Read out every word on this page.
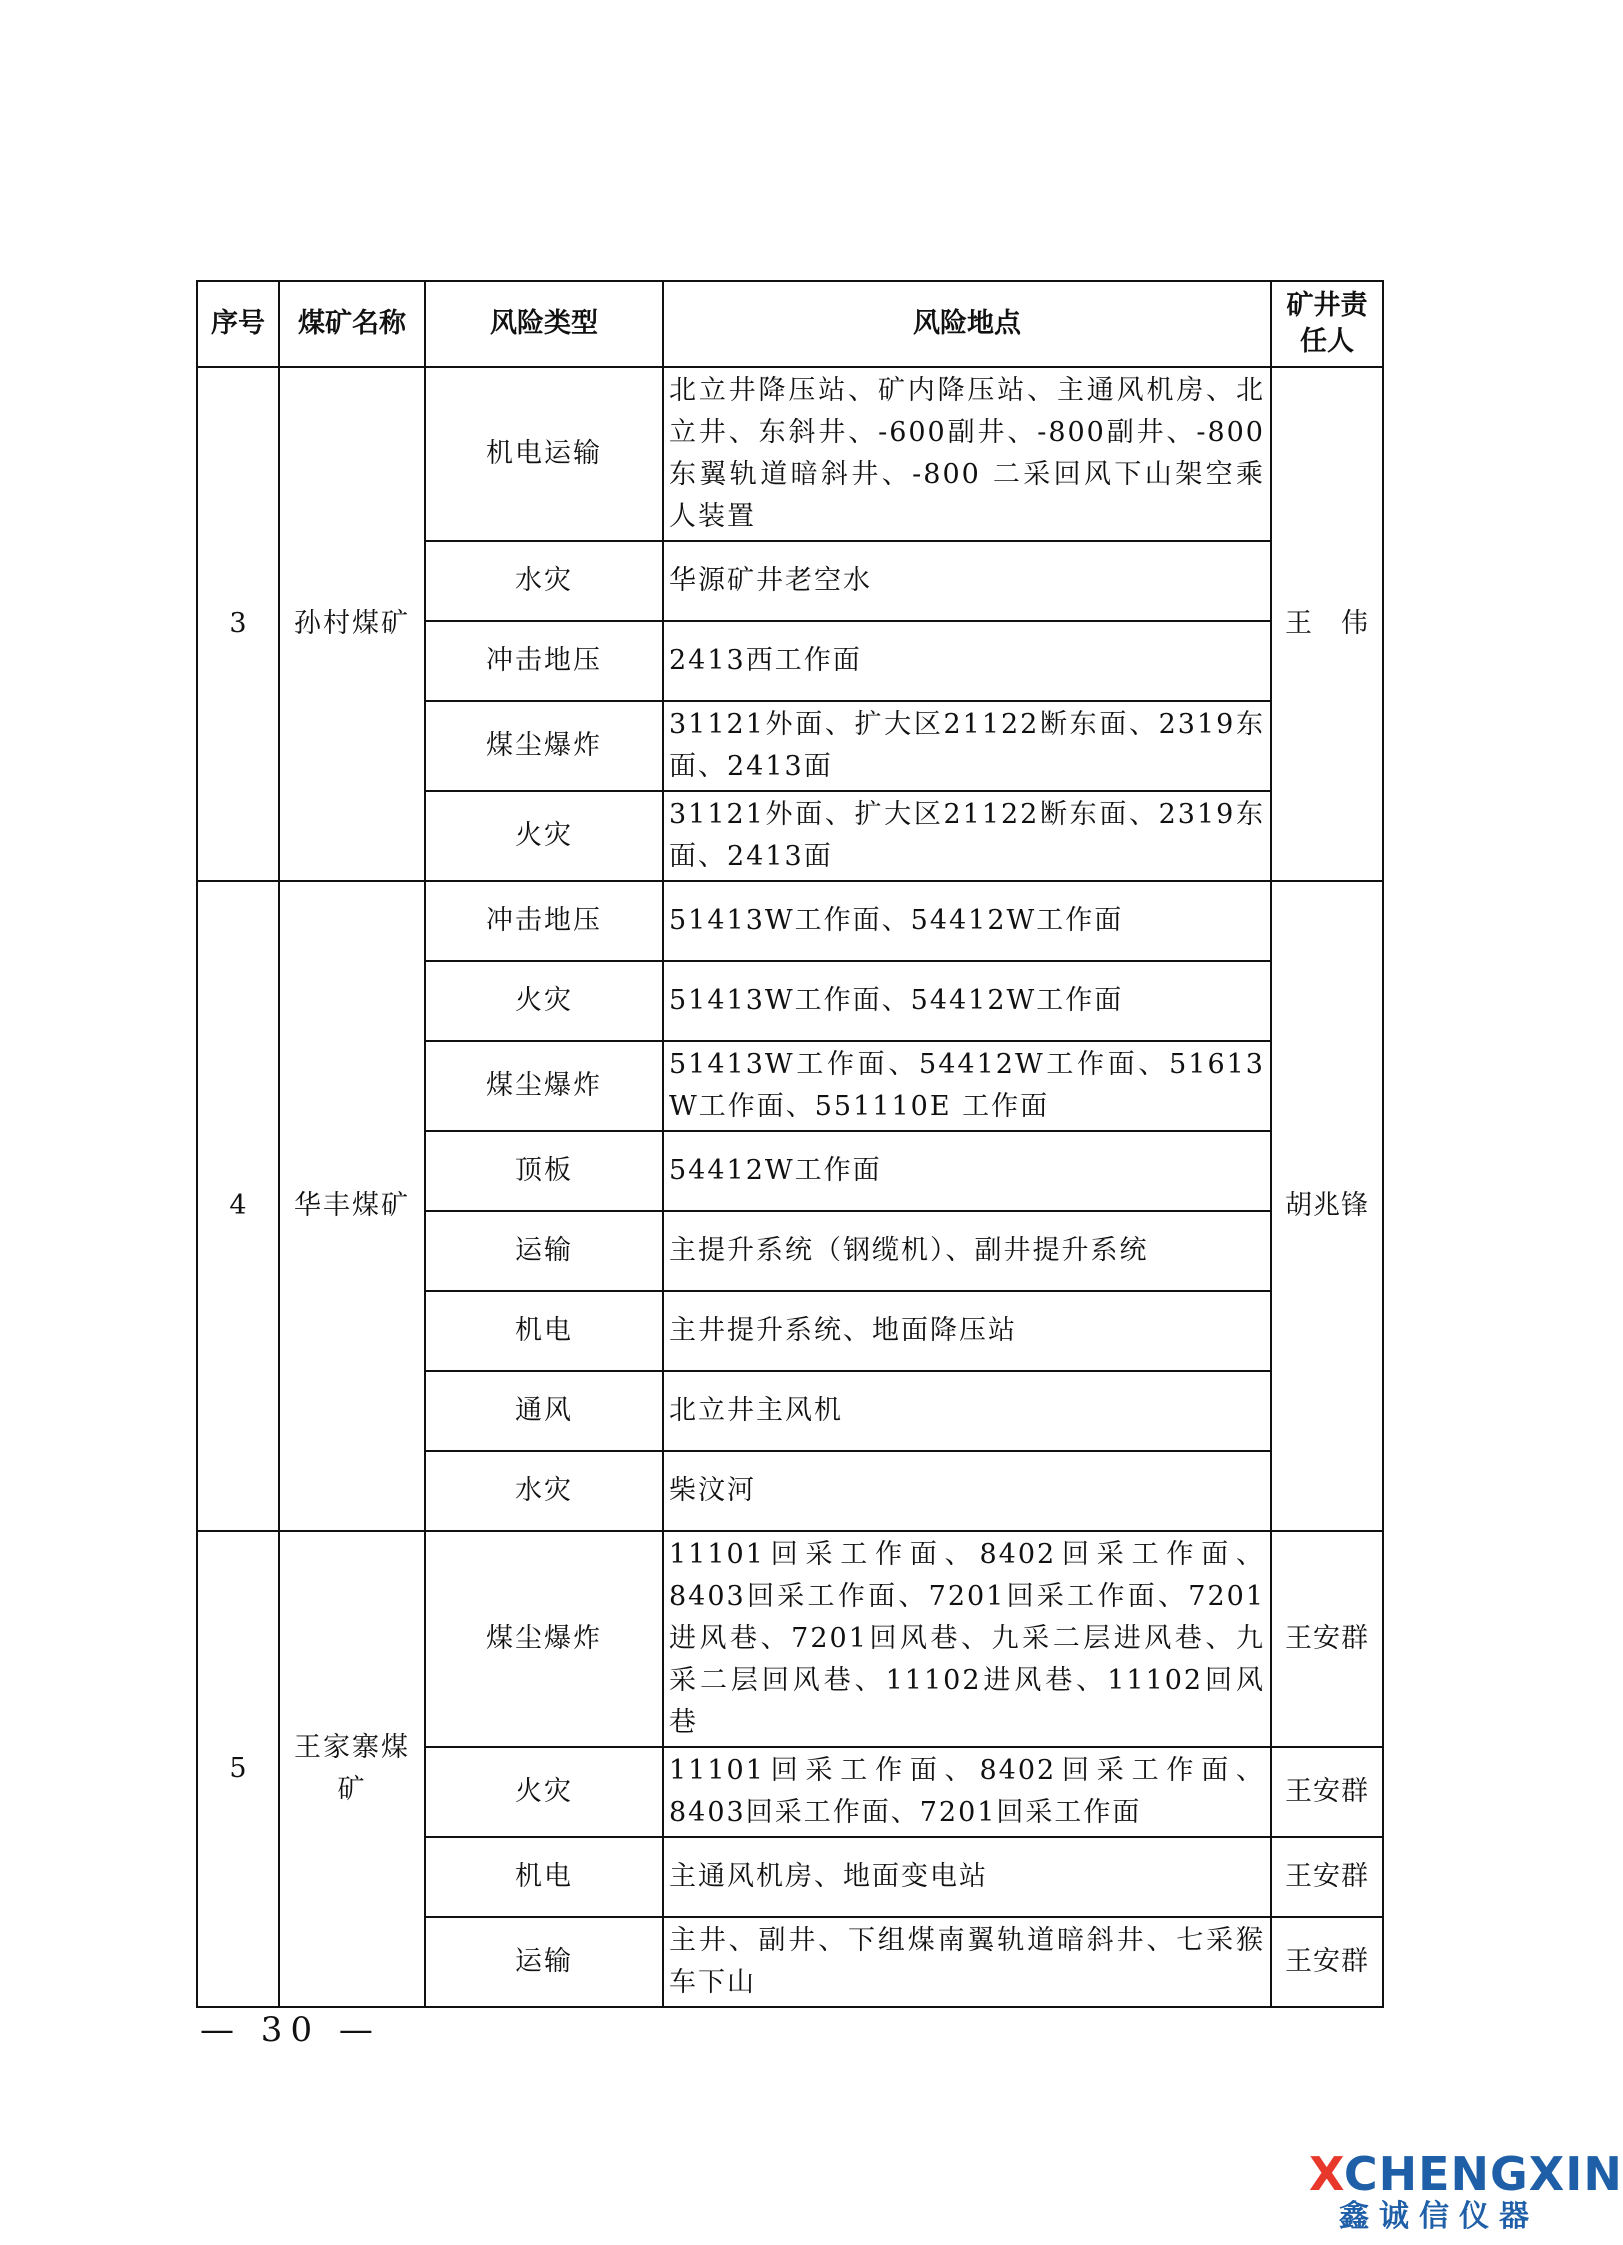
序号	煤矿名称	风险类型	风险地点	矿井责任人
3	孙村煤矿	机电运输	北立井降压站、矿内降压站、主通风机房、北立井、东斜井、-600副井、-800副井、-800东翼轨道暗斜井、-800 二采回风下山架空乘人装置	王　伟
		水灾	华源矿井老空水	
		冲击地压	2413西工作面	
		煤尘爆炸	31121外面、扩大区21122断东面、2319东面、2413面	
		火灾	31121外面、扩大区21122断东面、2319东面、2413面	
4	华丰煤矿	冲击地压	51413W工作面、54412W工作面	胡兆锋
		火灾	51413W工作面、54412W工作面	
		煤尘爆炸	51413W工作面、54412W工作面、51613 W工作面、551110E 工作面	
		顶板	54412W工作面	
		运输	主提升系统（钢缆机）、副井提升系统	
		机电	主井提升系统、地面降压站	
		通风	北立井主风机	
		水灾	柴汶河	
5	王家寨煤矿	煤尘爆炸	11101回采工作面、8402回采工作面、8403回采工作面、7201回采工作面、7201进风巷、7201回风巷、九采二层进风巷、九采二层回风巷、11102进风巷、11102回风巷	王安群
		火灾	11101回采工作面、8402回采工作面、8403回采工作面、7201回采工作面	王安群
		机电	主通风机房、地面变电站	王安群
		运输	主井、副井、下组煤南翼轨道暗斜井、七采猴车下山	王安群
— 30 —
XCHENGXIN
鑫诚信仪器
